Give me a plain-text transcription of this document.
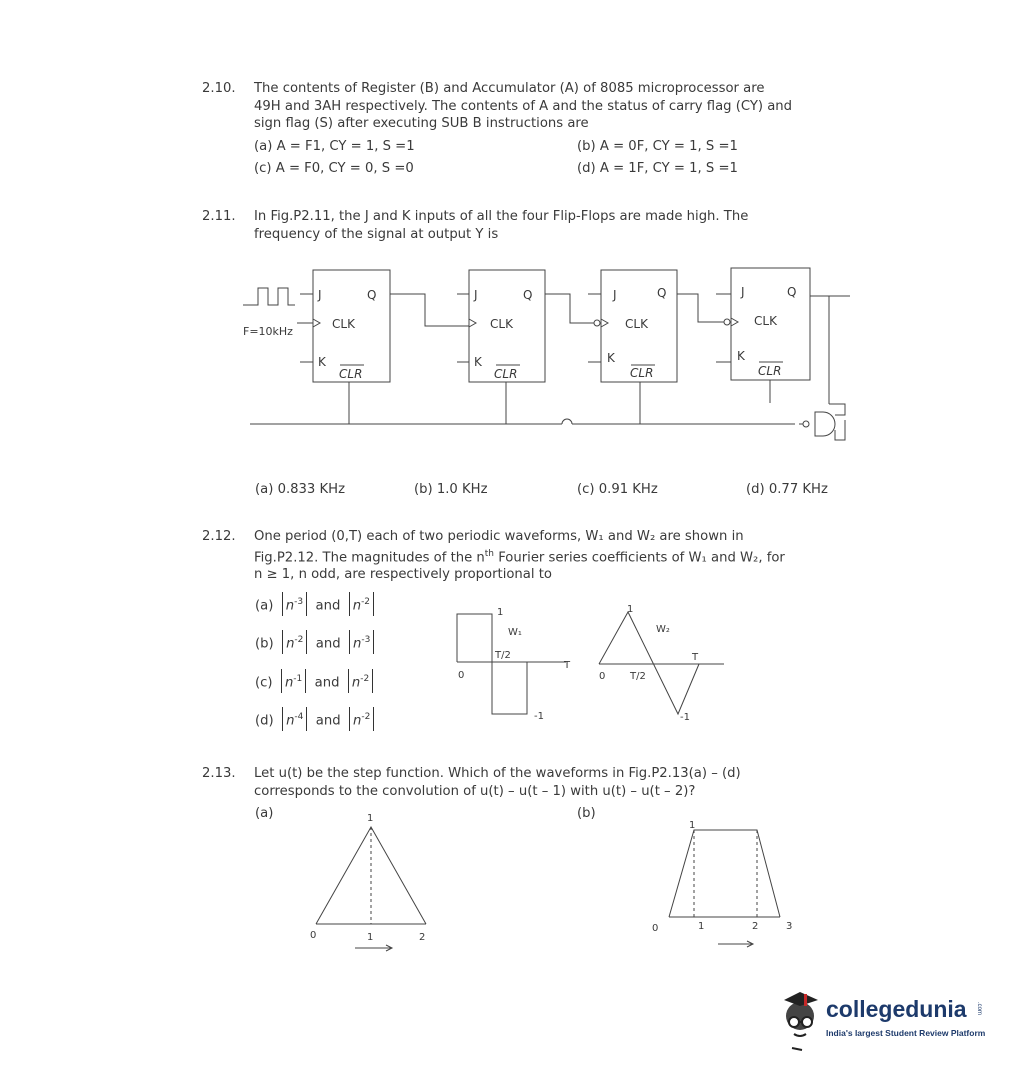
2.10. The contents of Register (B) and Accumulator (A) of 8085 microprocessor are
49H and 3AH respectively. The contents of A and the status of carry flag (CY) and
sign flag (S) after executing SUB B instructions are
(a) A = F1, CY = 1, S =1	(b) A = 0F, CY = 1, S =1
(c) A = F0, CY = 0, S =0	(d) A = 1F, CY = 1, S =1
2.11. In Fig.P2.11, the J and K inputs of all the four Flip-Flops are made high. The
frequency of the signal at output Y is
F=10kHz
J	Q
CLK
K
CLR
J	Q
CLK
K
CLR
J	Q
CLK
K
CLR
J	Q
CLK
K
CLR
(a) 0.833 KHz	(b) 1.0 KHz	(c) 0.91 KHz	(d) 0.77 KHz
2.12. One period (0,T) each of two periodic waveforms, W₁ and W₂ are shown in
Fig.P2.12. The magnitudes of the $n^{th}$ Fourier series coefficients of W₁ and W₂, for
n ≥ 1, n odd, are respectively proportional to
(a) $n^{-3}$ and $n^{-2}$
(b) $n^{-2}$ and $n^{-3}$
(c) $n^{-1}$ and $n^{-2}$
(d) $n^{-4}$ and $n^{-2}$
1
W₁
T/2
T
0
-1
1
W₂
T
0 T/2
-1
2.13. Let u(t) be the step function. Which of the waveforms in Fig.P2.13(a) – (d)
corresponds to the convolution of u(t) – u(t – 1) with u(t) – u(t – 2)?
(a)	(b)
1
0	1	2
1
0	1	2	3
collegedunia .com
India's largest Student Review Platform
